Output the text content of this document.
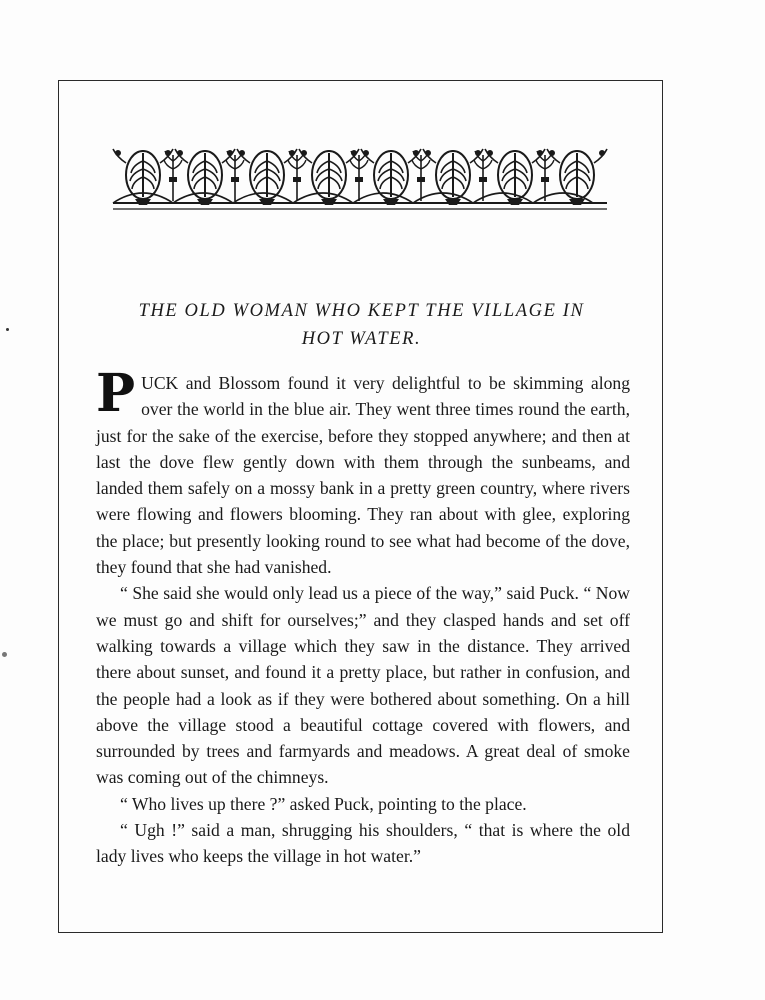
THE OLD WOMAN WHO KEPT THE VILLAGE IN
HOT WATER.

PUCK and Blossom found it very delightful to be skimming along over the world in the blue air. They went three times round the earth, just for the sake of the exercise, before they stopped anywhere; and then at last the dove flew gently down with them through the sunbeams, and landed them safely on a mossy bank in a pretty green country, where rivers were flowing and flowers blooming. They ran about with glee, exploring the place; but presently looking round to see what had become of the dove, they found that she had vanished.

“ She said she would only lead us a piece of the way,” said Puck. “ Now we must go and shift for ourselves;” and they clasped hands and set off walking towards a village which they saw in the distance. They arrived there about sunset, and found it a pretty place, but rather in confusion, and the people had a look as if they were bothered about something. On a hill above the village stood a beautiful cottage covered with flowers, and surrounded by trees and farmyards and meadows. A great deal of smoke was coming out of the chimneys.

“ Who lives up there ?” asked Puck, pointing to the place.

“ Ugh !” said a man, shrugging his shoulders, “ that is where the old lady lives who keeps the village in hot water.”
